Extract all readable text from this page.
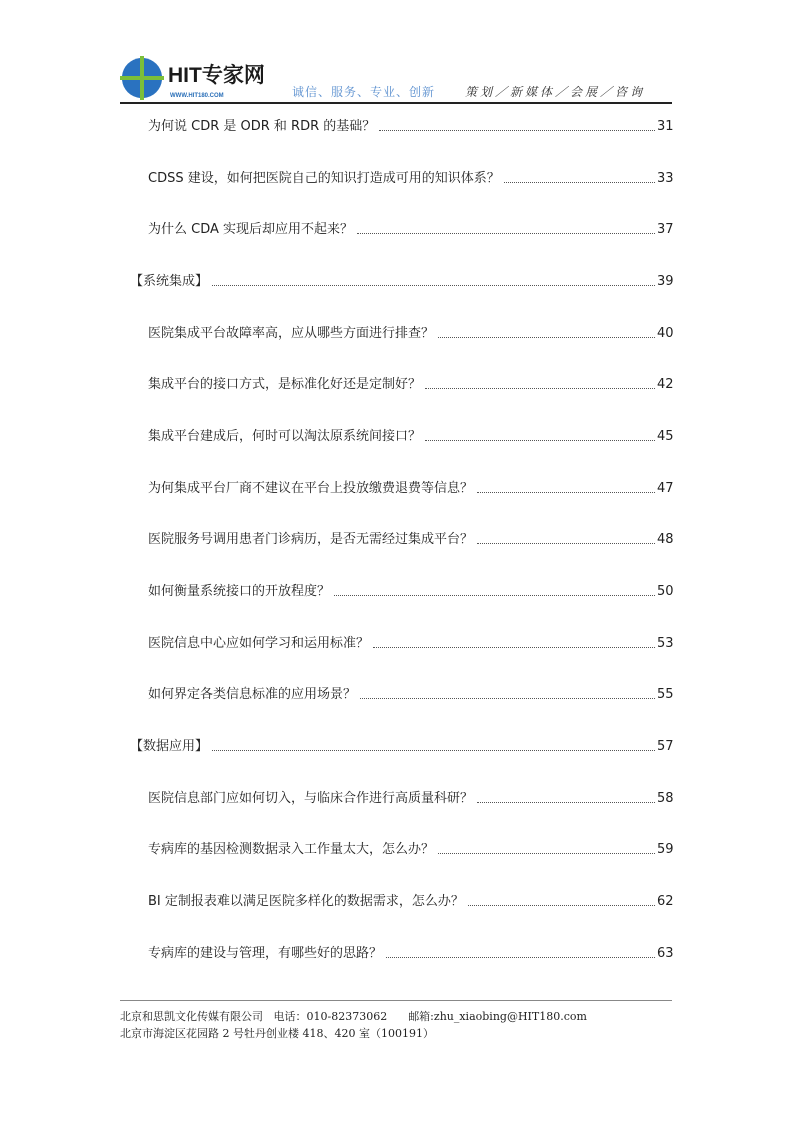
HIT专家网
WWW.HIT180.COM	诚信、服务、专业、创新 策划／新媒体／会展／咨询
为何说 CDR 是 ODR 和 RDR 的基础？	31
CDSS 建设，如何把医院自己的知识打造成可用的知识体系？	33
为什么 CDA 实现后却应用不起来？	37
【系统集成】	39
医院集成平台故障率高，应从哪些方面进行排查？	40
集成平台的接口方式，是标准化好还是定制好？	42
集成平台建成后，何时可以淘汰原系统间接口？	45
为何集成平台厂商不建议在平台上投放缴费退费等信息？	47
医院服务号调用患者门诊病历，是否无需经过集成平台？	48
如何衡量系统接口的开放程度？	50
医院信息中心应如何学习和运用标准？	53
如何界定各类信息标准的应用场景？	55
【数据应用】	57
医院信息部门应如何切入，与临床合作进行高质量科研？	58
专病库的基因检测数据录入工作量太大，怎么办？	59
BI 定制报表难以满足医院多样化的数据需求，怎么办？	62
专病库的建设与管理，有哪些好的思路？	63
北京和思凯文化传媒有限公司 电话：010-82373062 邮箱:zhu_xiaobing@HIT180.com
北京市海淀区花园路 2 号牡丹创业楼 418、420 室（100191）
